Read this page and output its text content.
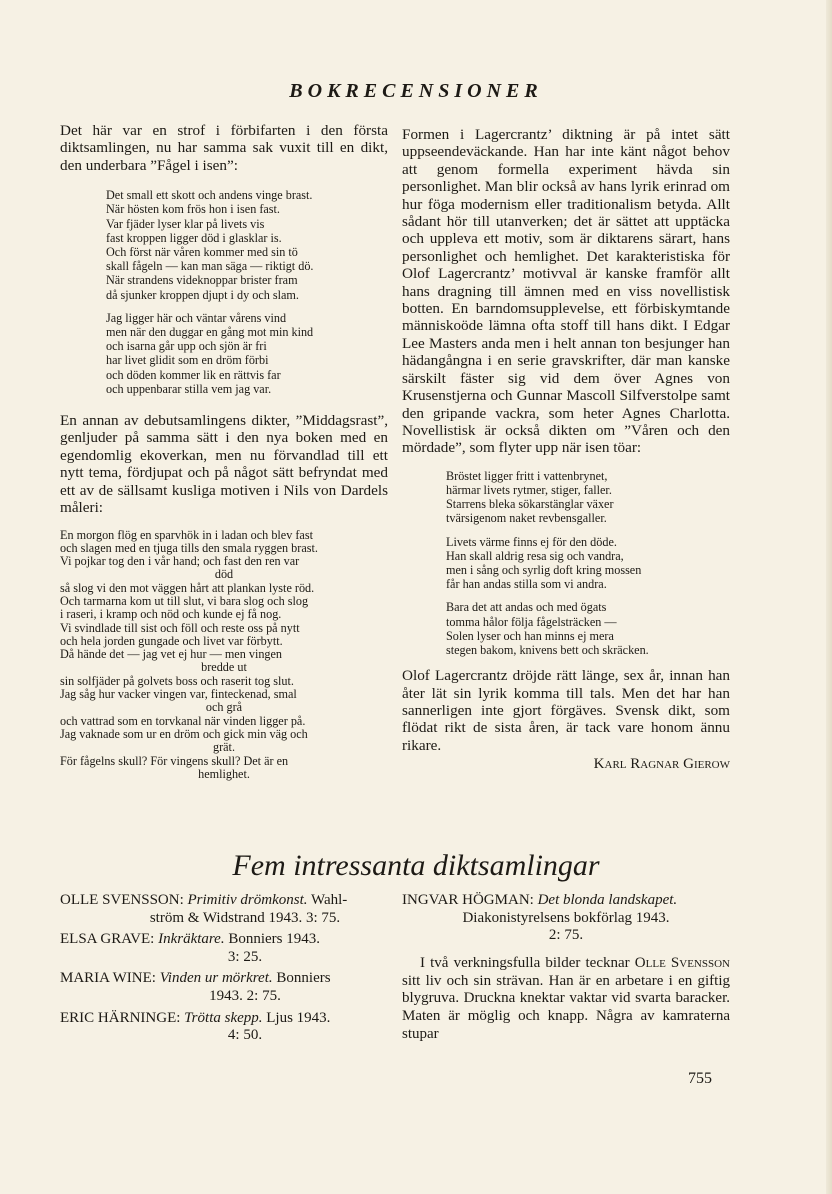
BOKRECENSIONER

Det här var en strof i förbifarten i den första diktsamlingen, nu har samma sak vuxit till en dikt, den underbara ”Fågel i isen”:

Det small ett skott och andens vinge brast.
När hösten kom frös hon i isen fast.
Var fjäder lyser klar på livets vis
fast kroppen ligger död i glasklar is.
Och först när våren kommer med sin tö
skall fågeln — kan man säga — riktigt dö.
När strandens videknoppar brister fram
då sjunker kroppen djupt i dy och slam.
Jag ligger här och väntar vårens vind
men när den duggar en gång mot min kind
och isarna går upp och sjön är fri
har livet glidit som en dröm förbi
och döden kommer lik en rättvis far
och uppenbarar stilla vem jag var.

En annan av debutsamlingens dikter, ”Middagsrast”, genljuder på samma sätt i den nya boken med en egendomlig ekoverkan, men nu förvandlad till ett nytt tema, fördjupat och på något sätt befryndat med ett av de sällsamt kusliga motiven i Nils von Dardels måleri:

En morgon flög en sparvhök in i ladan och blev fast
och slagen med en tjuga tills den smala ryggen brast.
Vi pojkar tog den i vår hand; och fast den ren var
död
så slog vi den mot väggen hårt att plankan lyste röd.
Och tarmarna kom ut till slut, vi bara slog och slog
i raseri, i kramp och nöd och kunde ej få nog.
Vi svindlade till sist och föll och reste oss på nytt
och hela jorden gungade och livet var förbytt.
Då hände det — jag vet ej hur — men vingen
bredde ut
sin solfjäder på golvets boss och raserit tog slut.
Jag såg hur vacker vingen var, finteckenad, smal
och grå
och vattrad som en torvkanal när vinden ligger på.
Jag vaknade som ur en dröm och gick min väg och
grät.
För fågelns skull? För vingens skull? Det är en
hemlighet.

Formen i Lagercrantz’ diktning är på intet sätt uppseendeväckande. Han har inte känt något behov att genom formella experiment hävda sin personlighet. Man blir också av hans lyrik erinrad om hur föga modernism eller traditionalism betyda. Allt sådant hör till utanverken; det är sättet att upptäcka och uppleva ett motiv, som är diktarens särart, hans personlighet och hemlighet. Det karakteristiska för Olof Lagercrantz’ motivval är kanske framför allt hans dragning till ämnen med en viss novellistisk botten. En barndomsupplevelse, ett förbiskymtande människoöde lämna ofta stoff till hans dikt. I Edgar Lee Masters anda men i helt annan ton besjunger han hädangångna i en serie gravskrifter, där man kanske särskilt fäster sig vid dem över Agnes von Krusenstjerna och Gunnar Mascoll Silfverstolpe samt den gripande vackra, som heter Agnes Charlotta. Novellistisk är också dikten om ”Våren och den mördade”, som flyter upp när isen töar:

Bröstet ligger fritt i vattenbrynet,
härmar livets rytmer, stiger, faller.
Starrens bleka sökarstänglar växer
tvärsigenom naket revbensgaller.
Livets värme finns ej för den döde.
Han skall aldrig resa sig och vandra,
men i sång och syrlig doft kring mossen
får han andas stilla som vi andra.
Bara det att andas och med ögats
tomma hålor följa fågelsträcken —
Solen lyser och han minns ej mera
stegen bakom, knivens bett och skräcken.

Olof Lagercrantz dröjde rätt länge, sex år, innan han åter lät sin lyrik komma till tals. Men det har han sannerligen inte gjort förgäves. Svensk dikt, som flödat rikt de sista åren, är tack vare honom ännu rikare.

Karl Ragnar Gierow

Fem intressanta diktsamlingar
OLLE SVENSSON: Primitiv drömkonst. Wahl-
ström & Widstrand 1943. 3: 75.
ELSA GRAVE: Inkräktare. Bonniers 1943.
3: 25.
MARIA WINE: Vinden ur mörkret. Bonniers
1943. 2: 75.
ERIC HÄRNINGE: Trötta skepp. Ljus 1943.
4: 50.
INGVAR HÖGMAN: Det blonda landskapet.
Diakonistyrelsens bokförlag 1943.
2: 75.

I två verkningsfulla bilder tecknar Olle Svensson sitt liv och sin strävan. Han är en arbetare i en giftig blygruva. Druckna knektar vaktar vid svarta baracker. Maten är möglig och knapp. Några av kamraterna stupar

755
